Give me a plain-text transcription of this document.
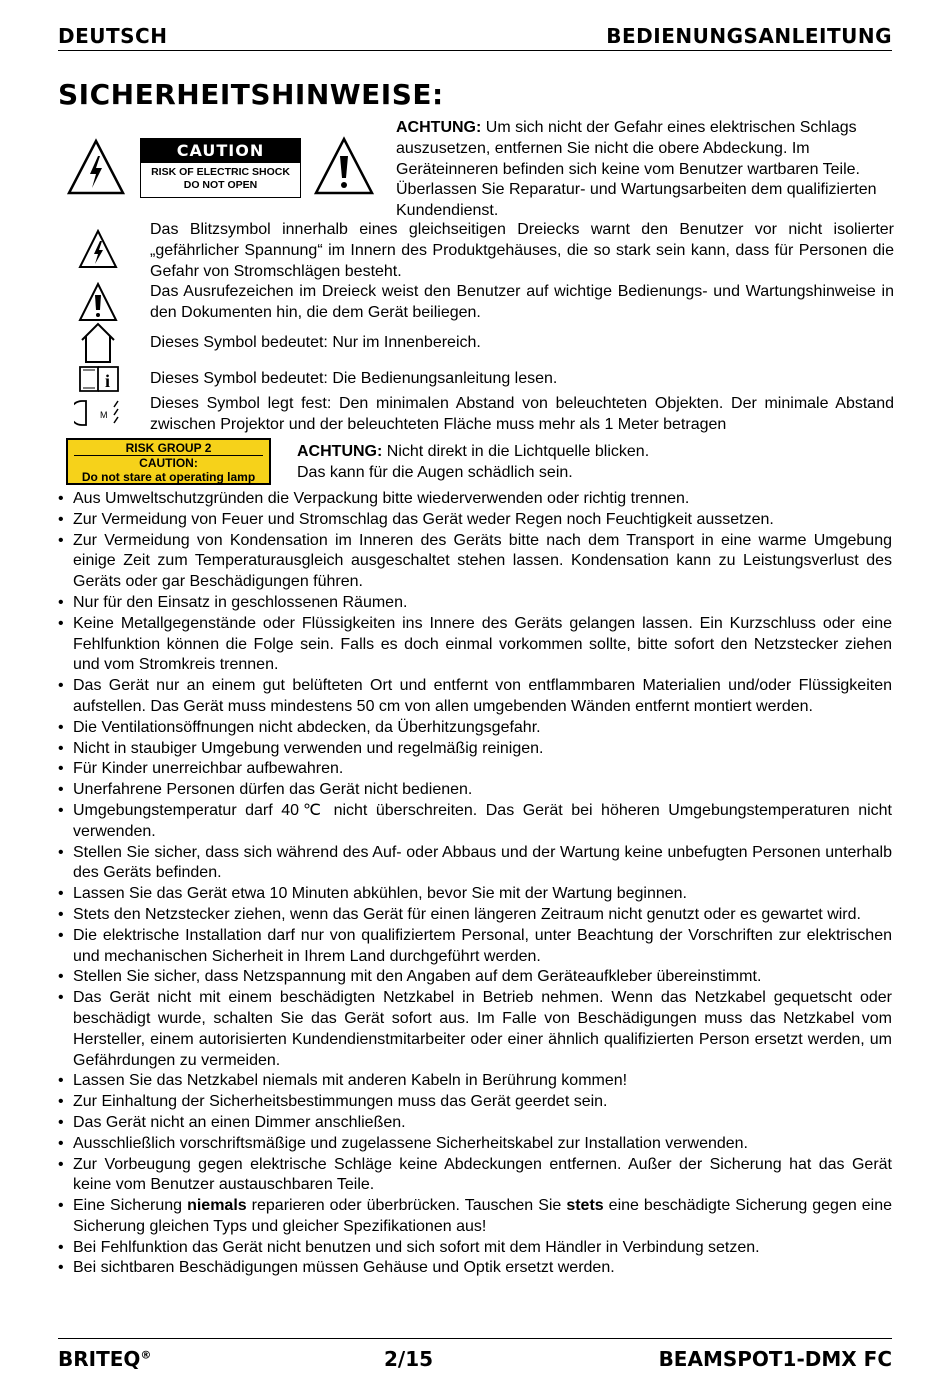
DEUTSCH	BEDIENUNGSANLEITUNG
SICHERHEITSHINWEISE:
CAUTION
RISK OF ELECTRIC SHOCK
DO NOT OPEN
ACHTUNG: Um sich nicht der Gefahr eines elektrischen Schlags auszusetzen, entfernen Sie nicht die obere Abdeckung. Im Geräteinneren befinden sich keine vom Benutzer wartbaren Teile. Überlassen Sie Reparatur- und Wartungsarbeiten dem qualifizierten Kundendienst.
Das Blitzsymbol innerhalb eines gleichseitigen Dreiecks warnt den Benutzer vor nicht isolierter „gefährlicher Spannung“ im Innern des Produktgehäuses, die so stark sein kann, dass für Personen die Gefahr von Stromschlägen besteht.
Das Ausrufezeichen im Dreieck weist den Benutzer auf wichtige Bedienungs- und Wartungshinweise in den Dokumenten hin, die dem Gerät beiliegen.
Dieses Symbol bedeutet: Nur im Innenbereich.
i Dieses Symbol bedeutet: Die Bedienungsanleitung lesen.
M
Dieses Symbol legt fest: Den minimalen Abstand von beleuchteten Objekten. Der minimale Abstand zwischen Projektor und der beleuchteten Fläche muss mehr als 1 Meter betragen
RISK GROUP 2
CAUTION:
Do not stare at operating lamp
ACHTUNG: Nicht direkt in die Lichtquelle blicken.
Das kann für die Augen schädlich sein.
• Aus Umweltschutzgründen die Verpackung bitte wiederverwenden oder richtig trennen.
• Zur Vermeidung von Feuer und Stromschlag das Gerät weder Regen noch Feuchtigkeit aussetzen.
• Zur Vermeidung von Kondensation im Inneren des Geräts bitte nach dem Transport in eine warme Umgebung einige Zeit zum Temperaturausgleich ausgeschaltet stehen lassen. Kondensation kann zu Leistungsverlust des Geräts oder gar Beschädigungen führen.
• Nur für den Einsatz in geschlossenen Räumen.
• Keine Metallgegenstände oder Flüssigkeiten ins Innere des Geräts gelangen lassen. Ein Kurzschluss oder eine Fehlfunktion können die Folge sein. Falls es doch einmal vorkommen sollte, bitte sofort den Netzstecker ziehen und vom Stromkreis trennen.
• Das Gerät nur an einem gut belüfteten Ort und entfernt von entflammbaren Materialien und/oder Flüssigkeiten aufstellen. Das Gerät muss mindestens 50 cm von allen umgebenden Wänden entfernt montiert werden.
• Die Ventilationsöffnungen nicht abdecken, da Überhitzungsgefahr.
• Nicht in staubiger Umgebung verwenden und regelmäßig reinigen.
• Für Kinder unerreichbar aufbewahren.
• Unerfahrene Personen dürfen das Gerät nicht bedienen.
• Umgebungstemperatur darf 40℃ nicht überschreiten. Das Gerät bei höheren Umgebungstemperaturen nicht verwenden.
• Stellen Sie sicher, dass sich während des Auf- oder Abbaus und der Wartung keine unbefugten Personen unterhalb des Geräts befinden.
• Lassen Sie das Gerät etwa 10 Minuten abkühlen, bevor Sie mit der Wartung beginnen.
• Stets den Netzstecker ziehen, wenn das Gerät für einen längeren Zeitraum nicht genutzt oder es gewartet wird.
• Die elektrische Installation darf nur von qualifiziertem Personal, unter Beachtung der Vorschriften zur elektrischen und mechanischen Sicherheit in Ihrem Land durchgeführt werden.
• Stellen Sie sicher, dass Netzspannung mit den Angaben auf dem Geräteaufkleber übereinstimmt.
• Das Gerät nicht mit einem beschädigten Netzkabel in Betrieb nehmen. Wenn das Netzkabel gequetscht oder beschädigt wurde, schalten Sie das Gerät sofort aus. Im Falle von Beschädigungen muss das Netzkabel vom Hersteller, einem autorisierten Kundendienstmitarbeiter oder einer ähnlich qualifizierten Person ersetzt werden, um Gefährdungen zu vermeiden.
• Lassen Sie das Netzkabel niemals mit anderen Kabeln in Berührung kommen!
• Zur Einhaltung der Sicherheitsbestimmungen muss das Gerät geerdet sein.
• Das Gerät nicht an einen Dimmer anschließen.
• Ausschließlich vorschriftsmäßige und zugelassene Sicherheitskabel zur Installation verwenden.
• Zur Vorbeugung gegen elektrische Schläge keine Abdeckungen entfernen. Außer der Sicherung hat das Gerät keine vom Benutzer austauschbaren Teile.
• Eine Sicherung niemals reparieren oder überbrücken. Tauschen Sie stets eine beschädigte Sicherung gegen eine Sicherung gleichen Typs und gleicher Spezifikationen aus!
• Bei Fehlfunktion das Gerät nicht benutzen und sich sofort mit dem Händler in Verbindung setzen.
• Bei sichtbaren Beschädigungen müssen Gehäuse und Optik ersetzt werden.
BRITEQ®	2/15	BEAMSPOT1-DMX FC
